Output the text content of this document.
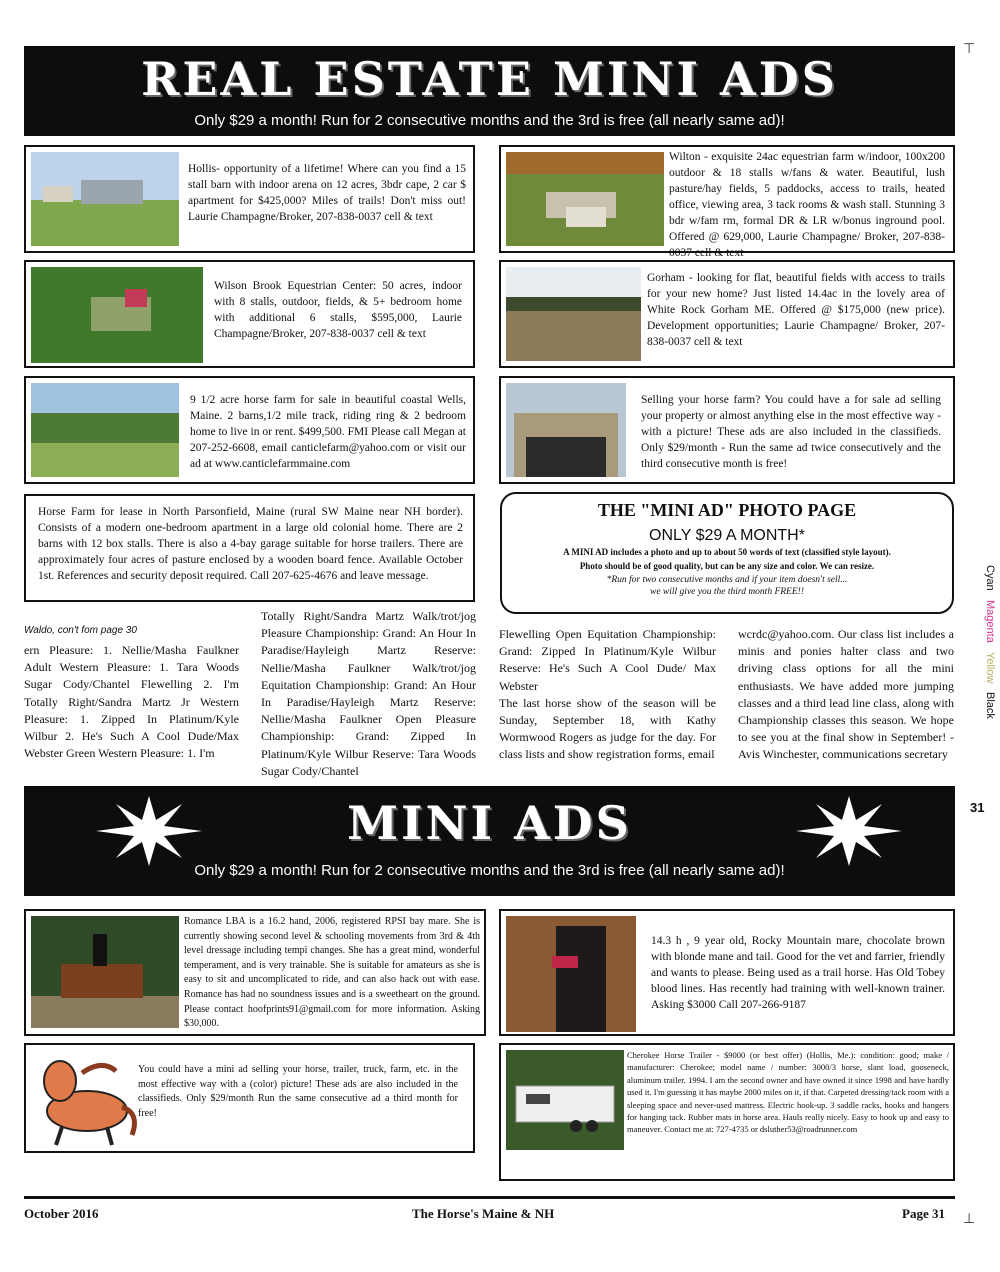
⊤
⊥
REAL ESTATE MINI ADS
Only $29 a month! Run for 2 consecutive months and the 3rd is free (all nearly same ad)!
Hollis- opportunity of a lifetime! Where can you find a 15 stall barn with indoor arena on 12 acres, 3bdr cape, 2 car $ apartment for $425,000? Miles of trails! Don't miss out! Laurie Champagne/Broker, 207-838-0037 cell & text
Wilton - exquisite 24ac equestrian farm w/indoor, 100x200 outdoor & 18 stalls w/fans & water. Beautiful, lush pasture/hay fields, 5 paddocks, access to trails, heated office, viewing area, 3 tack rooms & wash stall. Stunning 3 bdr w/fam rm, formal DR & LR w/bonus inground pool. Offered @ 629,000, Laurie Champagne/ Broker, 207-838-0037 cell & text
Wilson Brook Equestrian Center: 50 acres, indoor with 8 stalls, outdoor, fields, & 5+ bedroom home with additional 6 stalls, $595,000, Laurie Champagne/Broker, 207-838-0037 cell & text
Gorham - looking for flat, beautiful fields with access to trails for your new home? Just listed 14.4ac in the lovely area of White Rock Gorham ME. Offered @ $175,000 (new price). Development opportunities; Laurie Champagne/ Broker, 207-838-0037 cell & text
9 1/2 acre horse farm for sale in beautiful coastal Wells, Maine. 2 barns,1/2 mile track, riding ring & 2 bedroom home to live in or rent. $499,500. FMI Please call Megan at 207-252-6608, email canticlefarm@yahoo.com or visit our ad at www.canticlefarmmaine.com
Selling your horse farm? You could have a for sale ad selling your property or almost anything else in the most effective way - with a picture! These ads are also included in the classifieds. Only $29/month - Run the same ad twice consecutively and the third consecutive month is free!
Horse Farm for lease in North Parsonfield, Maine (rural SW Maine near NH border). Consists of a modern one-bedroom apartment in a large old colonial home. There are 2 barns with 12 box stalls. There is also a 4-bay garage suitable for horse trailers. There are approximately four acres of pasture enclosed by a wooden board fence. Available October 1st. References and security deposit required. Call 207-625-4676 and leave message.
THE "MINI AD" PHOTO PAGE
ONLY $29 A MONTH*
A MINI AD includes a photo and up to about 50 words of text (classified style layout).
Photo should be of good quality, but can be any size and color. We can resize.
*Run for two consecutive months and if your item doesn't sell...
we will give you the third month FREE!!
Waldo, con't fom page 30
ern Pleasure: 1. Nellie/Masha Faulkner Adult Western Pleasure: 1. Tara Woods Sugar Cody/Chantel Flewelling 2. I'm Totally Right/Sandra Martz Jr Western Pleasure: 1. Zipped In Platinum/Kyle Wilbur 2. He's Such A Cool Dude/Max Webster Green Western Pleasure: 1. I'm
Totally Right/Sandra Martz Walk/trot/jog Pleasure Championship: Grand: An Hour In Paradise/Hayleigh Martz Reserve: Nellie/Masha Faulkner Walk/trot/jog Equitation Championship: Grand: An Hour In Paradise/Hayleigh Martz Reserve: Nellie/Masha Faulkner Open Pleasure Championship: Grand: Zipped In Platinum/Kyle Wilbur Reserve: Tara Woods Sugar Cody/Chantel
Flewelling Open Equitation Championship: Grand: Zipped In Platinum/Kyle Wilbur Reserve: He's Such A Cool Dude/ Max Webster
The last horse show of the season will be Sunday, September 18, with Kathy Wormwood Rogers as judge for the day. For class lists and show registration forms, email
wcrdc@yahoo.com. Our class list includes a minis and ponies halter class and two driving class options for all the mini enthusiasts. We have added more jumping classes and a third lead line class, along with Championship classes this season. We hope to see you at the final show in September! -Avis Winchester, communications secretary
Cyan Magenta Yellow Black
31
MINI ADS
Only $29 a month! Run for 2 consecutive months and the 3rd is free (all nearly same ad)!
Romance LBA is a 16.2 hand, 2006, registered RPSI bay mare. She is currently showing second level & schooling movements from 3rd & 4th level dressage including tempi changes. She has a great mind, wonderful temperament, and is very trainable. She is suitable for amateurs as she is easy to sit and uncomplicated to ride, and can also hack out with ease. Romance has had no soundness issues and is a sweetheart on the ground. Please contact hoofprints91@gmail.com for more information. Asking $30,000.
14.3 h , 9 year old, Rocky Mountain mare, chocolate brown with blonde mane and tail. Good for the vet and farrier, friendly and wants to please. Being used as a trail horse. Has Old Tobey blood lines. Has recently had training with well-known trainer. Asking $3000 Call 207-266-9187
You could have a mini ad selling your horse, trailer, truck, farm, etc. in the most effective way with a (color) picture! These ads are also included in the classifieds. Only $29/month Run the same consecutive ad a third month for free!
Cherokee Horse Trailer - $9000 (or best offer) (Hollis, Me.): condition: good; make / manufacturer: Cherokee; model name / number: 3000/3 horse, slant load, gooseneck, aluminum trailer. 1994. I am the second owner and have owned it since 1998 and have hardly used it. I'm guessing it has maybe 2000 miles on it, if that. Carpeted dressing/tack room with a sleeping space and never-used mattress. Electric hook-up. 3 saddle racks, hooks and hangers for hanging tack. Rubber mats in horse area. Hauls really nicely. Easy to hook up and easy to maneuver. Contact me at: 727-4735 or dsluther53@roadrunner.com
October 2016	The Horse's Maine & NH	Page 31
